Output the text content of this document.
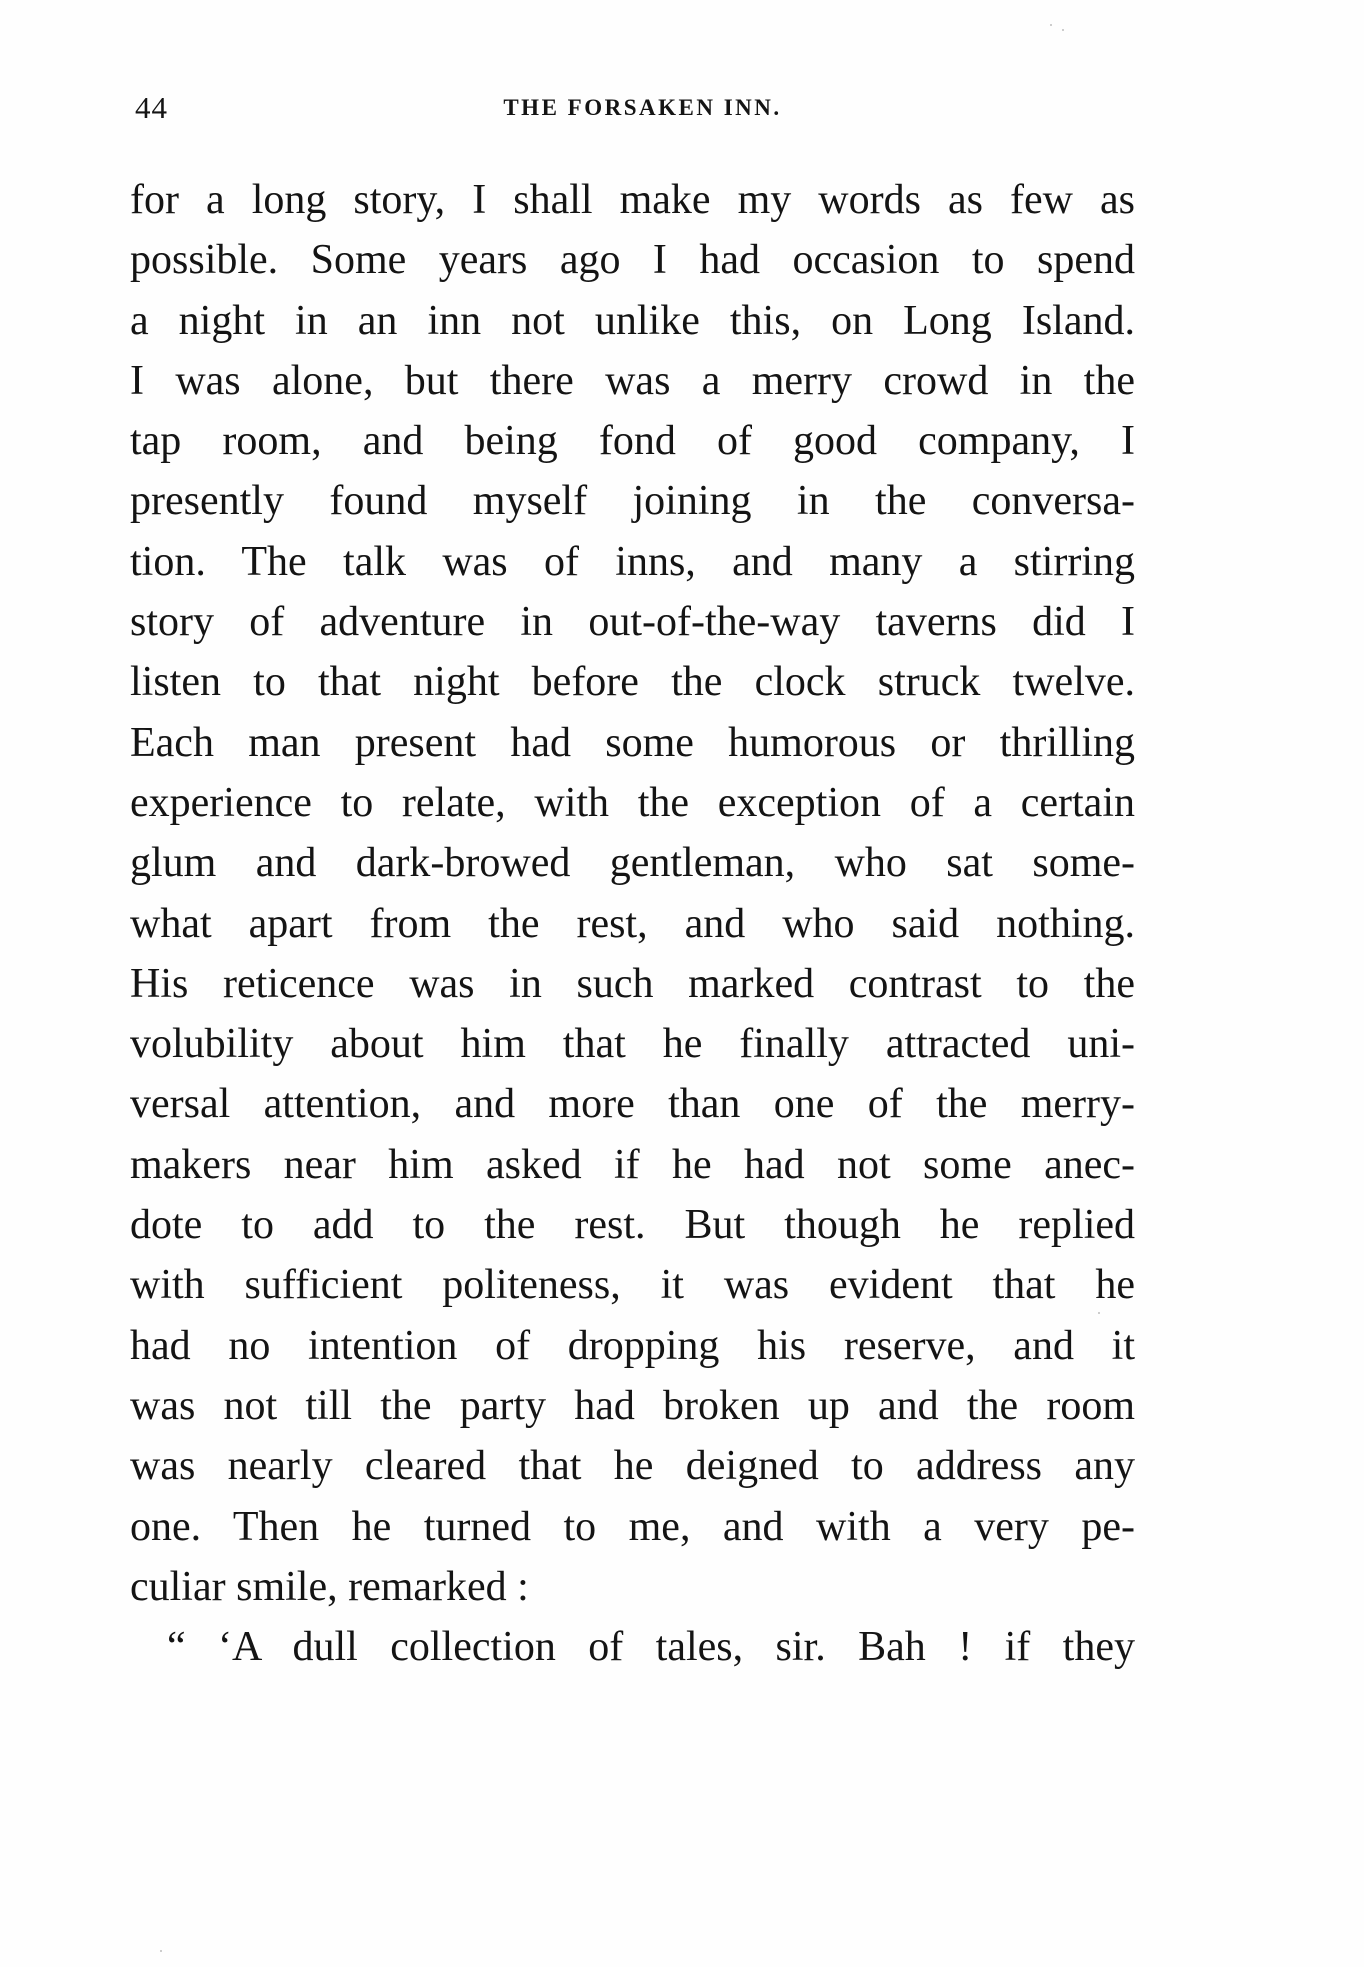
44	THE FORSAKEN INN.
for a long story, I shall make my words as few as
possible. Some years ago I had occasion to spend
a night in an inn not unlike this, on Long Island.
I was alone, but there was a merry crowd in the
tap room, and being fond of good company, I
presently found myself joining in the conversa-
tion. The talk was of inns, and many a stirring
story of adventure in out-of-the-way taverns did I
listen to that night before the clock struck twelve.
Each man present had some humorous or thrilling
experience to relate, with the exception of a certain
glum and dark-browed gentleman, who sat some-
what apart from the rest, and who said nothing.
His reticence was in such marked contrast to the
volubility about him that he finally attracted uni-
versal attention, and more than one of the merry-
makers near him asked if he had not some anec-
dote to add to the rest. But though he replied
with sufficient politeness, it was evident that he
had no intention of dropping his reserve, and it
was not till the party had broken up and the room
was nearly cleared that he deigned to address any
one. Then he turned to me, and with a very pe-
culiar smile, remarked :
“ ‘A dull collection of tales, sir. Bah ! if they
